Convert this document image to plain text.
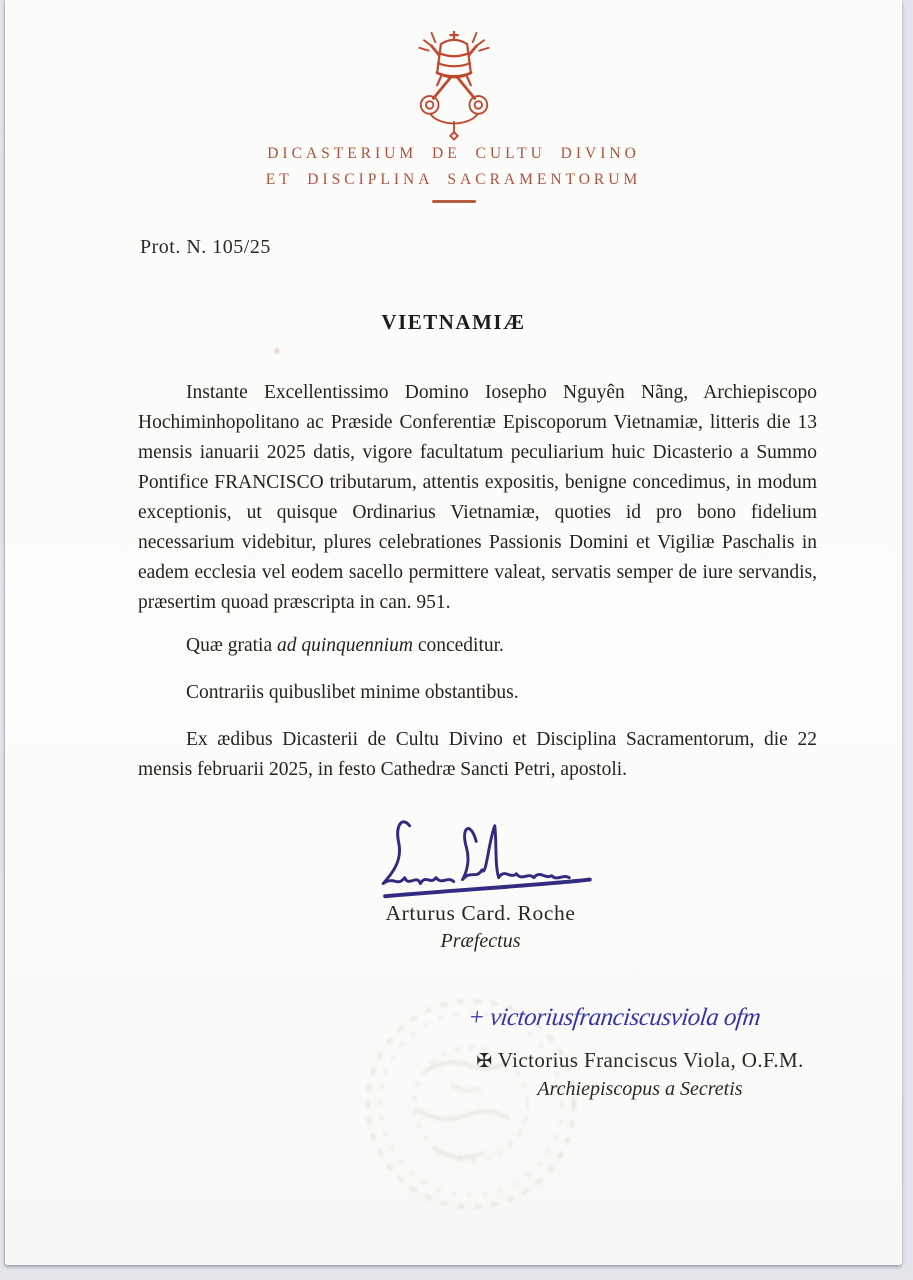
DICASTERIUM DE CULTU DIVINO
ET DISCIPLINA SACRAMENTORUM
Prot. N. 105/25
VIETNAMIÆ

Instante Excellentissimo Domino Iosepho Nguyên Nãng, Archiepiscopo Hochiminhopolitano ac Præside Conferentiæ Episcoporum Vietnamiæ, litteris die 13 mensis ianuarii 2025 datis, vigore facultatum peculiarium huic Dicasterio a Summo Pontifice FRANCISCO tributarum, attentis expositis, benigne concedimus, in modum exceptionis, ut quisque Ordinarius Vietnamiæ, quoties id pro bono fidelium necessarium videbitur, plures celebrationes Passionis Domini et Vigiliæ Paschalis in eadem ecclesia vel eodem sacello permittere valeat, servatis semper de iure servandis, præsertim quoad præscripta in can. 951.

Quæ gratia ad quinquennium conceditur.

Contrariis quibuslibet minime obstantibus.

Ex ædibus Dicasterii de Cultu Divino et Disciplina Sacramentorum, die 22 mensis februarii 2025, in festo Cathedræ Sancti Petri, apostoli.

Arturus Card. Roche
Præfectus
+ victoriusfranciscusviola ofm
✠ Victorius Franciscus Viola, O.F.M.
Archiepiscopus a Secretis
